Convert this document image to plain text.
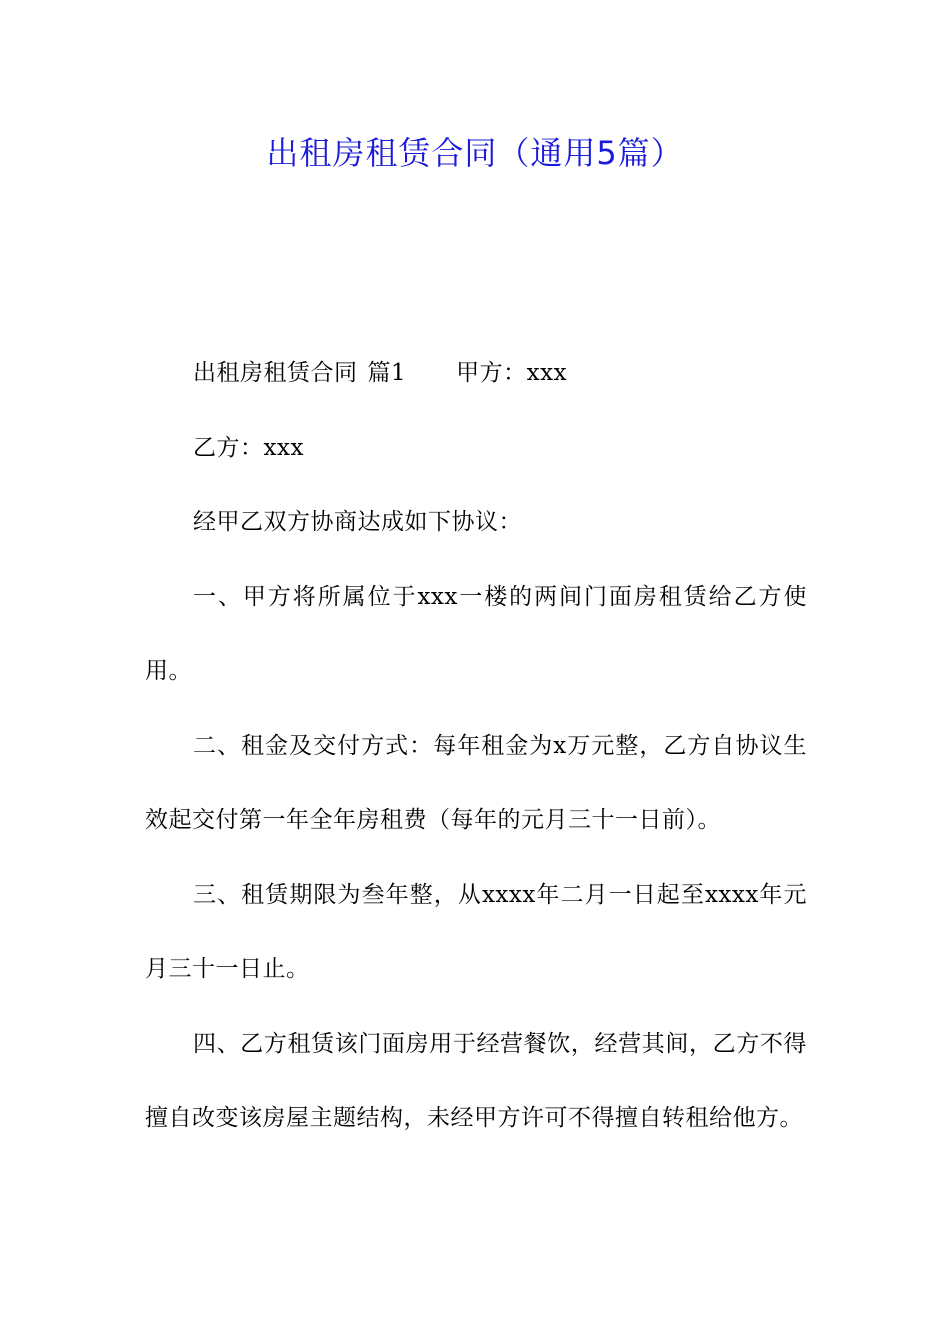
出租房租赁合同（通用5篇）

出租房租赁合同 篇1 甲方：xxx

乙方：xxx

经甲乙双方协商达成如下协议：

一、甲方将所属位于xxx一楼的两间门面房租赁给乙方使用。

二、租金及交付方式：每年租金为x万元整，乙方自协议生效起交付第一年全年房租费（每年的元月三十一日前）。

三、租赁期限为叁年整，从xxxx年二月一日起至xxxx年元月三十一日止。

四、乙方租赁该门面房用于经营餐饮，经营其间，乙方不得擅自改变该房屋主题结构，未经甲方许可不得擅自转租给他方。
